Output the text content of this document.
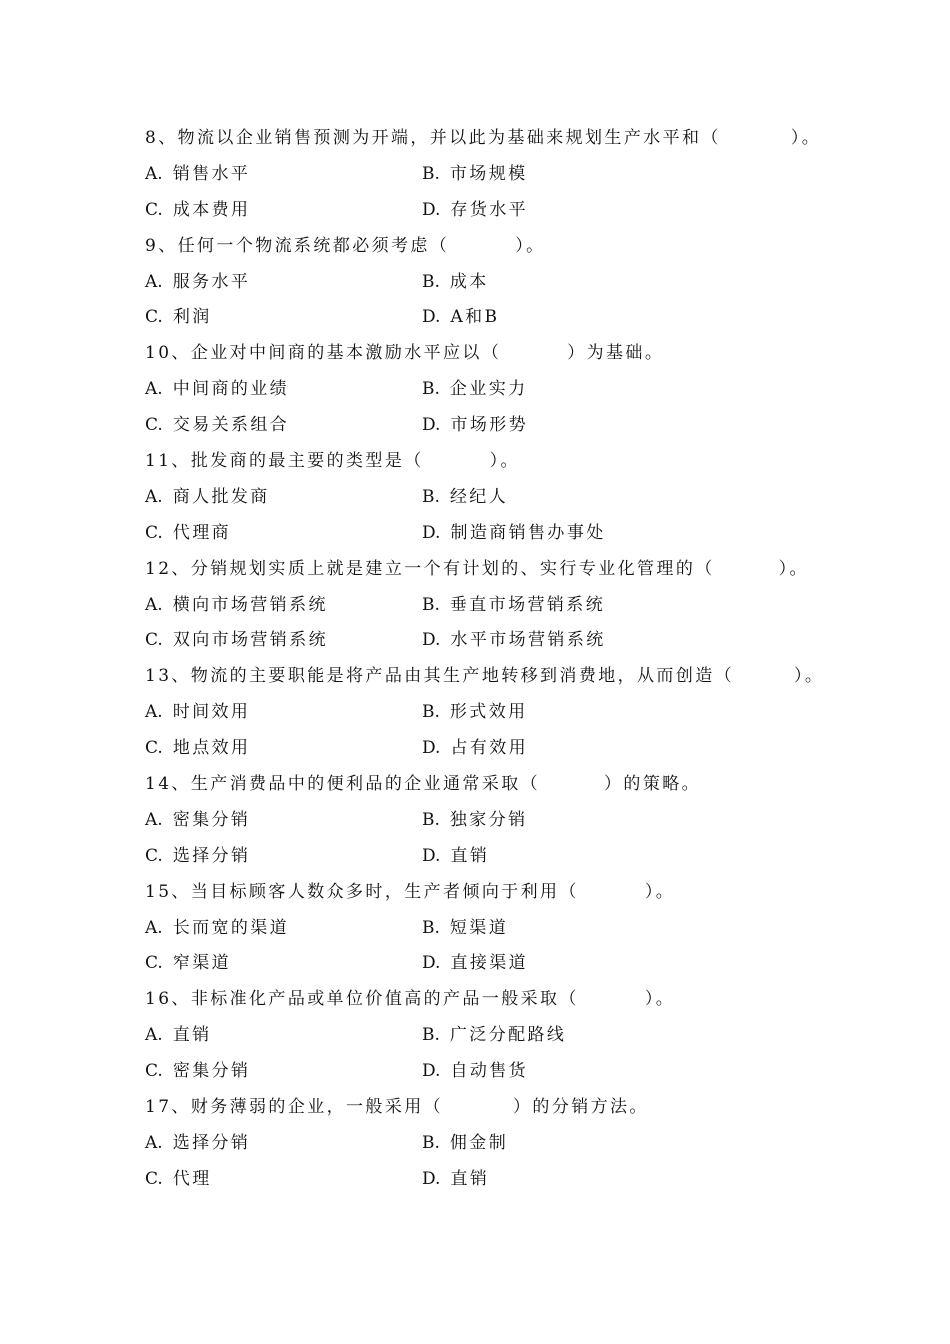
8、物流以企业销售预测为开端，并以此为基础来规划生产水平和（	）。
A. 销售水平	B. 市场规模
C. 成本费用	D. 存货水平
9、任何一个物流系统都必须考虑（	）。
A. 服务水平	B. 成本
C. 利润	D. A和B
10、企业对中间商的基本激励水平应以（	）为基础。
A. 中间商的业绩	B. 企业实力
C. 交易关系组合	D. 市场形势
11、批发商的最主要的类型是（	）。
A. 商人批发商	B. 经纪人
C. 代理商	D. 制造商销售办事处
12、分销规划实质上就是建立一个有计划的、实行专业化管理的（	）。
A. 横向市场营销系统	B. 垂直市场营销系统
C. 双向市场营销系统	D. 水平市场营销系统
13、物流的主要职能是将产品由其生产地转移到消费地，从而创造（	）。
A. 时间效用	B. 形式效用
C. 地点效用	D. 占有效用
14、生产消费品中的便利品的企业通常采取（	）的策略。
A. 密集分销	B. 独家分销
C. 选择分销	D. 直销
15、当目标顾客人数众多时，生产者倾向于利用（	）。
A. 长而宽的渠道	B. 短渠道
C. 窄渠道	D. 直接渠道
16、非标准化产品或单位价值高的产品一般采取（	）。
A. 直销	B. 广泛分配路线
C. 密集分销	D. 自动售货
17、财务薄弱的企业，一般采用（	）的分销方法。
A. 选择分销	B. 佣金制
C. 代理	D. 直销
